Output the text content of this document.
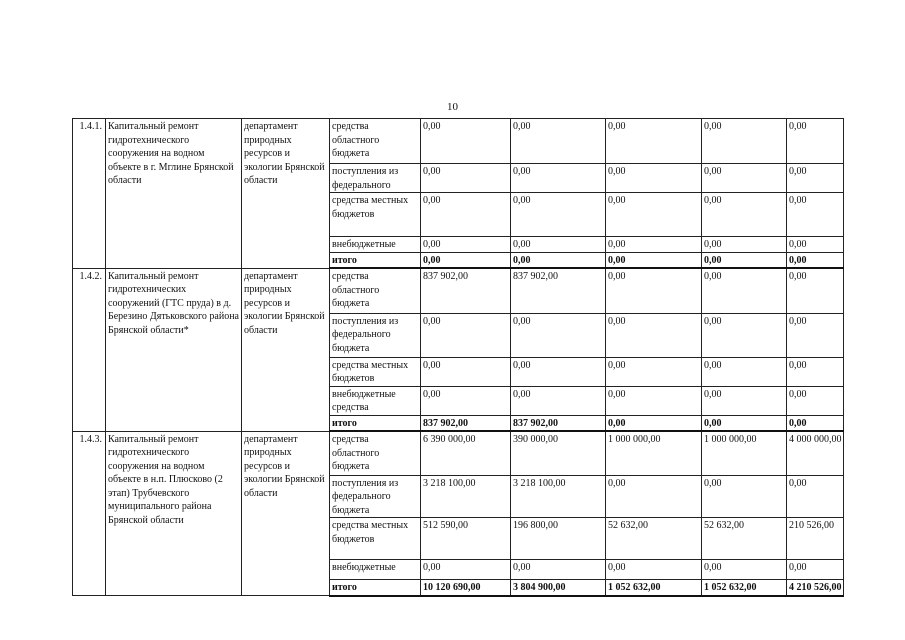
10
1.4.1.	Капитальный ремонт гидротехнического сооружения на водном объекте в г. Мглине Брянской области	департамент природных ресурсов и экологии Брянской области	средства областного бюджета	0,00	0,00	0,00	0,00	0,00
			поступления из федерального	0,00	0,00	0,00	0,00	0,00
			средства местных бюджетов	0,00	0,00	0,00	0,00	0,00
			внебюджетные	0,00	0,00	0,00	0,00	0,00
			итого	0,00	0,00	0,00	0,00	0,00
1.4.2.	Капитальный ремонт гидротехнических сооружений (ГТС пруда) в д. Березино Дятьковского района Брянской области*	департамент природных ресурсов и экологии Брянской области	средства областного бюджета	837 902,00	837 902,00	0,00	0,00	0,00
			поступления из федерального бюджета	0,00	0,00	0,00	0,00	0,00
			средства местных бюджетов	0,00	0,00	0,00	0,00	0,00
			внебюджетные средства	0,00	0,00	0,00	0,00	0,00
			итого	837 902,00	837 902,00	0,00	0,00	0,00
1.4.3.	Капитальный ремонт гидротехнического сооружения на водном объекте в н.п. Плюсково (2 этап) Трубчевского муниципального района Брянской области	департамент природных ресурсов и экологии Брянской области	средства областного бюджета	6 390 000,00	390 000,00	1 000 000,00	1 000 000,00	4 000 000,00
			поступления из федерального бюджета	3 218 100,00	3 218 100,00	0,00	0,00	0,00
			средства местных бюджетов	512 590,00	196 800,00	52 632,00	52 632,00	210 526,00
			внебюджетные	0,00	0,00	0,00	0,00	0,00
			итого	10 120 690,00	3 804 900,00	1 052 632,00	1 052 632,00	4 210 526,00
